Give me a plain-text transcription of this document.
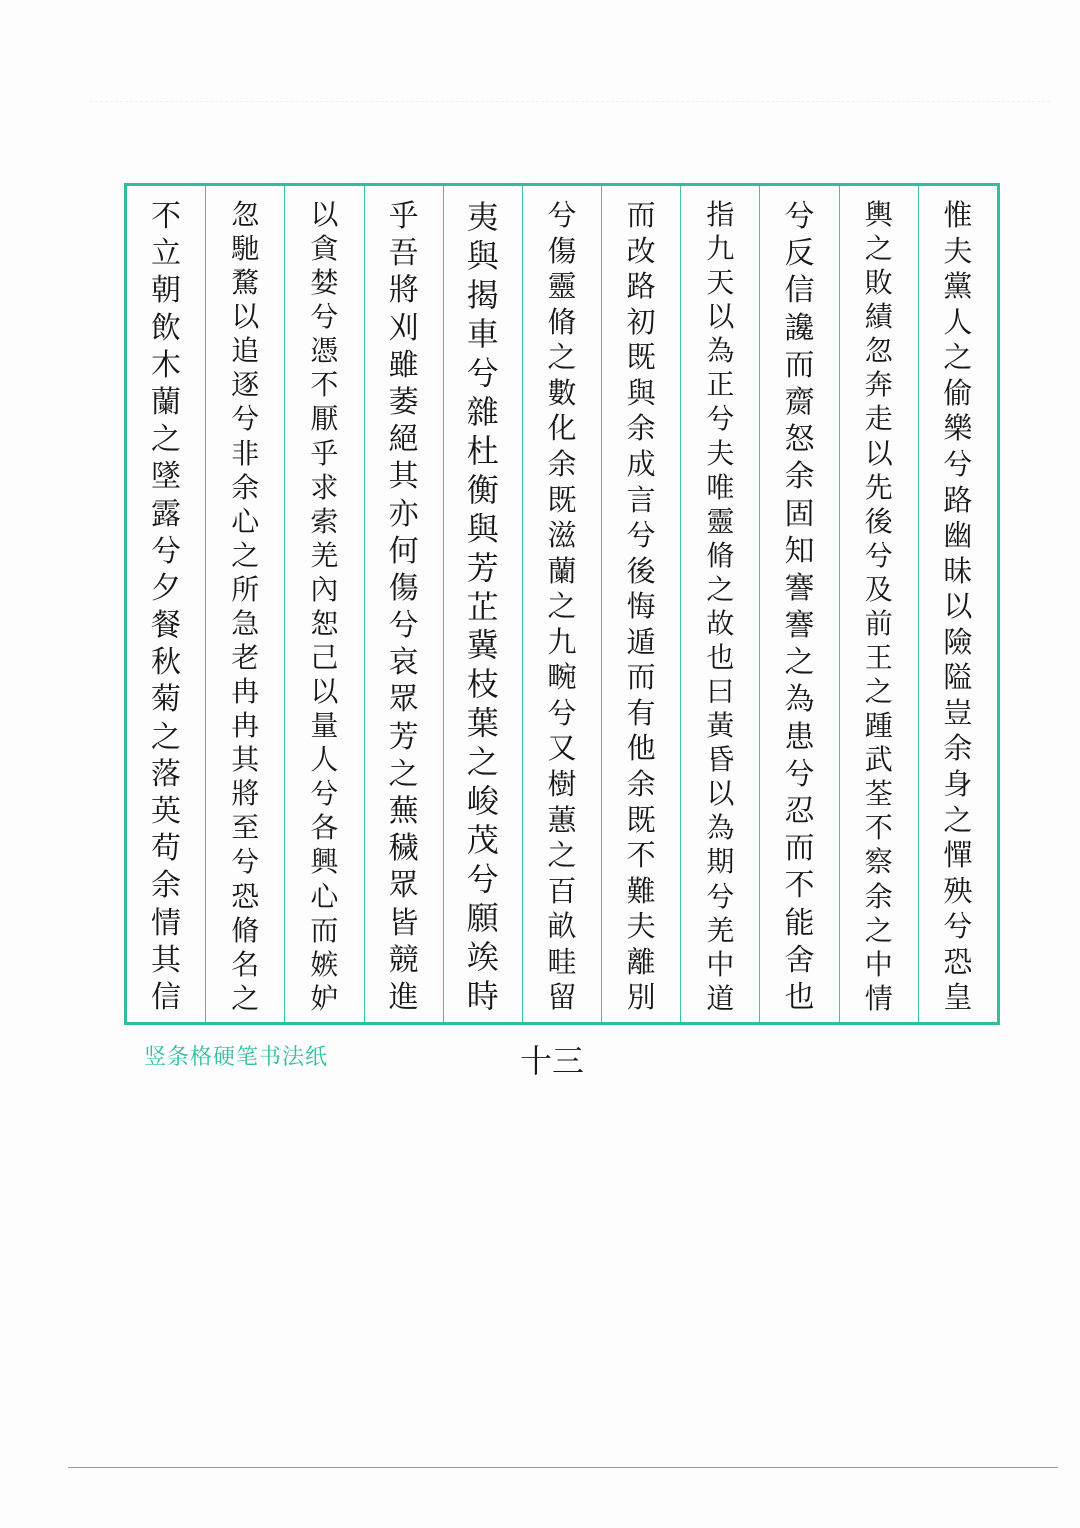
惟
夫
黨
人
之
偷
樂
兮
路
幽
昧
以
險
隘
豈
余
身
之
憚
殃
兮
恐
皇
輿
之
敗
績
忽
奔
走
以
先
後
兮
及
前
王
之
踵
武
荃
不
察
余
之
中
情
兮
反
信
讒
而
齌
怒
余
固
知
謇
謇
之
為
患
兮
忍
而
不
能
舍
也
指
九
天
以
為
正
兮
夫
唯
靈
脩
之
故
也
曰
黃
昏
以
為
期
兮
羌
中
道
而
改
路
初
既
與
余
成
言
兮
後
悔
遁
而
有
他
余
既
不
難
夫
離
別
兮
傷
靈
脩
之
數
化
余
既
滋
蘭
之
九
畹
兮
又
樹
蕙
之
百
畝
畦
留
夷
與
揭
車
兮
雜
杜
衡
與
芳
芷
冀
枝
葉
之
峻
茂
兮
願
竢
時
乎
吾
將
刈
雖
萎
絕
其
亦
何
傷
兮
哀
眾
芳
之
蕪
穢
眾
皆
競
進
以
貪
婪
兮
憑
不
厭
乎
求
索
羌
內
恕
己
以
量
人
兮
各
興
心
而
嫉
妒
忽
馳
騖
以
追
逐
兮
非
余
心
之
所
急
老
冉
冉
其
將
至
兮
恐
脩
名
之
不
立
朝
飲
木
蘭
之
墜
露
兮
夕
餐
秋
菊
之
落
英
苟
余
情
其
信
竖条格硬笔书法纸	十三
